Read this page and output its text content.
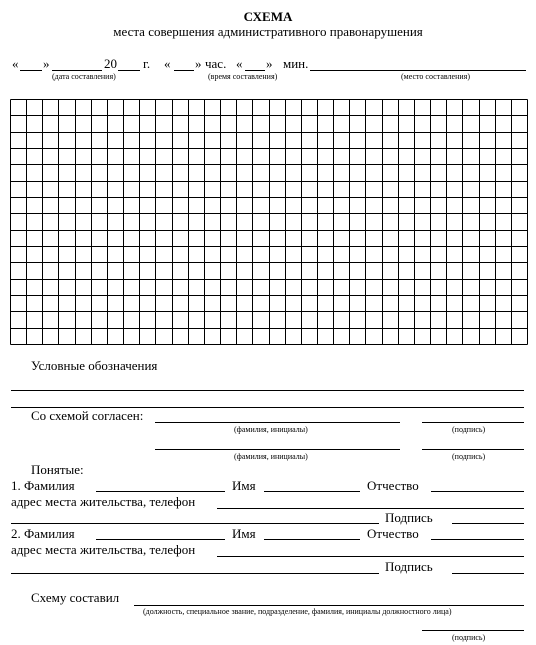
СХЕМА
места совершения административного правонарушения
« »	20 г. « » час. « » мин.
(дата составления)	(время составления)	(место составления)
Условные обозначения
Со схемой согласен:
(фамилия, инициалы)	(подпись)
(фамилия, инициалы)	(подпись)
Понятые:
1. Фамилия	Имя	Отчество
адрес места жительства, телефон
Подпись
2. Фамилия	Имя	Отчество
адрес места жительства, телефон
Подпись
Схему составил
(должность, специальное звание, подразделение, фамилия, инициалы должностного лица)
(подпись)
